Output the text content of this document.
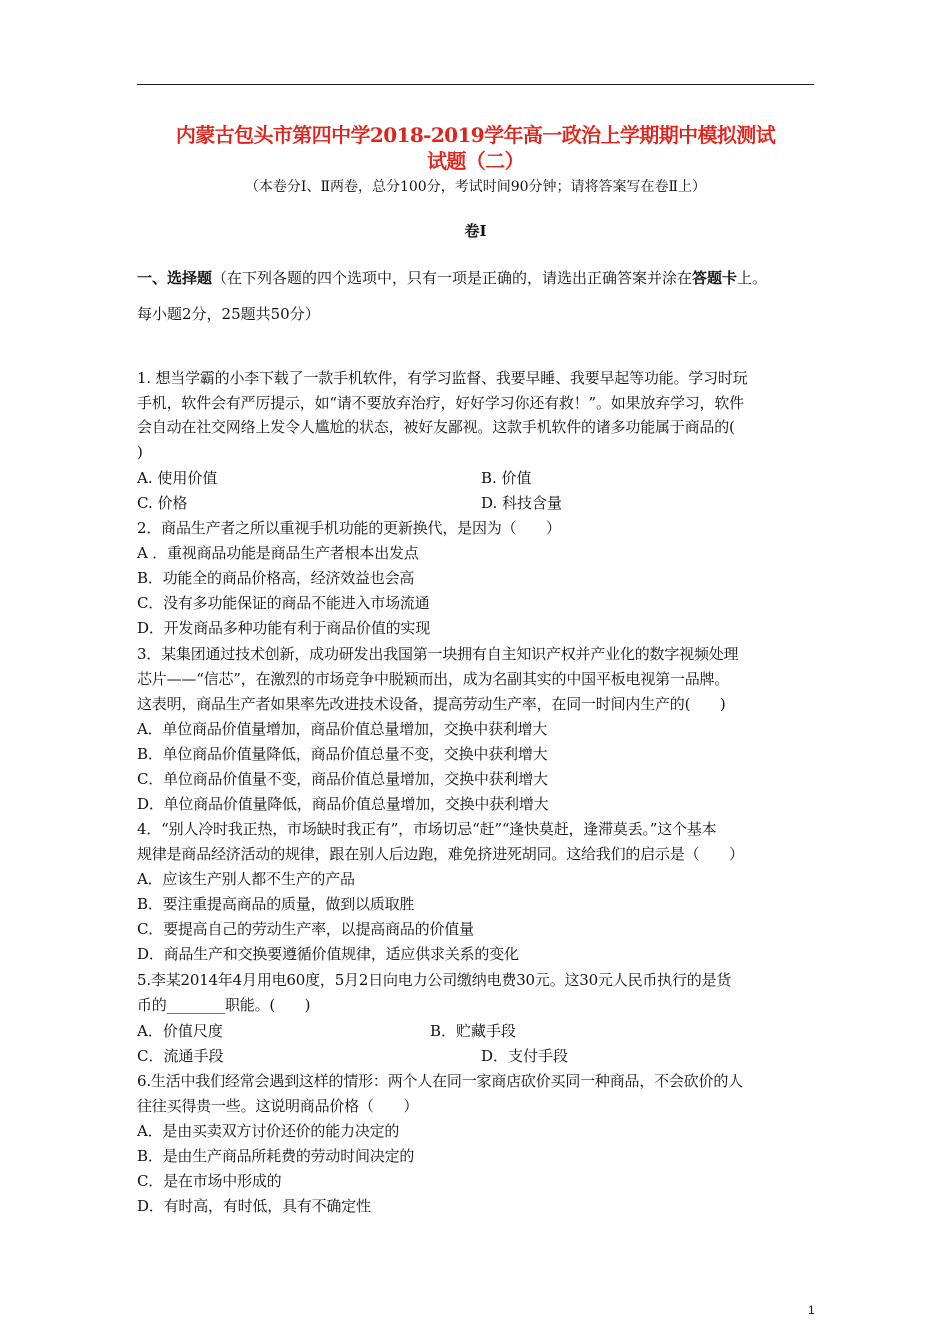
内蒙古包头市第四中学2018-2019学年高一政治上学期期中模拟测试
试题（二）
（本卷分Ⅰ、Ⅱ两卷，总分100分，考试时间90分钟；请将答案写在卷Ⅱ上）
卷Ⅰ
一、选择题（在下列各题的四个选项中，只有一项是正确的，请选出正确答案并涂在答题卡上。
每小题2分，25题共50分）
1. 想当学霸的小李下载了一款手机软件，有学习监督、我要早睡、我要早起等功能。学习时玩
手机，软件会有严厉提示，如“请不要放弃治疗，好好学习你还有救！”。如果放弃学习，软件
会自动在社交网络上发令人尴尬的状态，被好友鄙视。这款手机软件的诸多功能属于商品的(
)
A. 使用价值	B. 价值
C. 价格	D. 科技含量
2．商品生产者之所以重视手机功能的更新换代，是因为（　　）
A ．重视商品功能是商品生产者根本出发点
B．功能全的商品价格高，经济效益也会高
C．没有多功能保证的商品不能进入市场流通
D．开发商品多种功能有利于商品价值的实现
3．某集团通过技术创新，成功研发出我国第一块拥有自主知识产权并产业化的数字视频处理
芯片——“信芯”，在激烈的市场竞争中脱颖而出，成为名副其实的中国平板电视第一品牌。
这表明，商品生产者如果率先改进技术设备，提高劳动生产率，在同一时间内生产的(　　)
A．单位商品价值量增加，商品价值总量增加，交换中获利增大
B．单位商品价值量降低，商品价值总量不变，交换中获利增大
C．单位商品价值量不变，商品价值总量增加，交换中获利增大
D．单位商品价值量降低，商品价值总量增加，交换中获利增大
4．“别人冷时我正热，市场缺时我正有”，市场切忌“赶”“逢快莫赶，逢滞莫丢。”这个基本
规律是商品经济活动的规律，跟在别人后边跑，难免挤进死胡同。这给我们的启示是（　　）
A．应该生产别人都不生产的产品
B．要注重提高商品的质量，做到以质取胜
C．要提高自己的劳动生产率，以提高商品的价值量
D．商品生产和交换要遵循价值规律，适应供求关系的变化
5.李某2014年4月用电60度，5月2日向电力公司缴纳电费30元。这30元人民币执行的是货
币的________职能。(　　)
A．价值尺度	B．贮藏手段
C．流通手段	D．支付手段
6.生活中我们经常会遇到这样的情形：两个人在同一家商店砍价买同一种商品，不会砍价的人
往往买得贵一些。这说明商品价格（　　）
A．是由买卖双方讨价还价的能力决定的
B．是由生产商品所耗费的劳动时间决定的
C．是在市场中形成的
D．有时高，有时低，具有不确定性
1
